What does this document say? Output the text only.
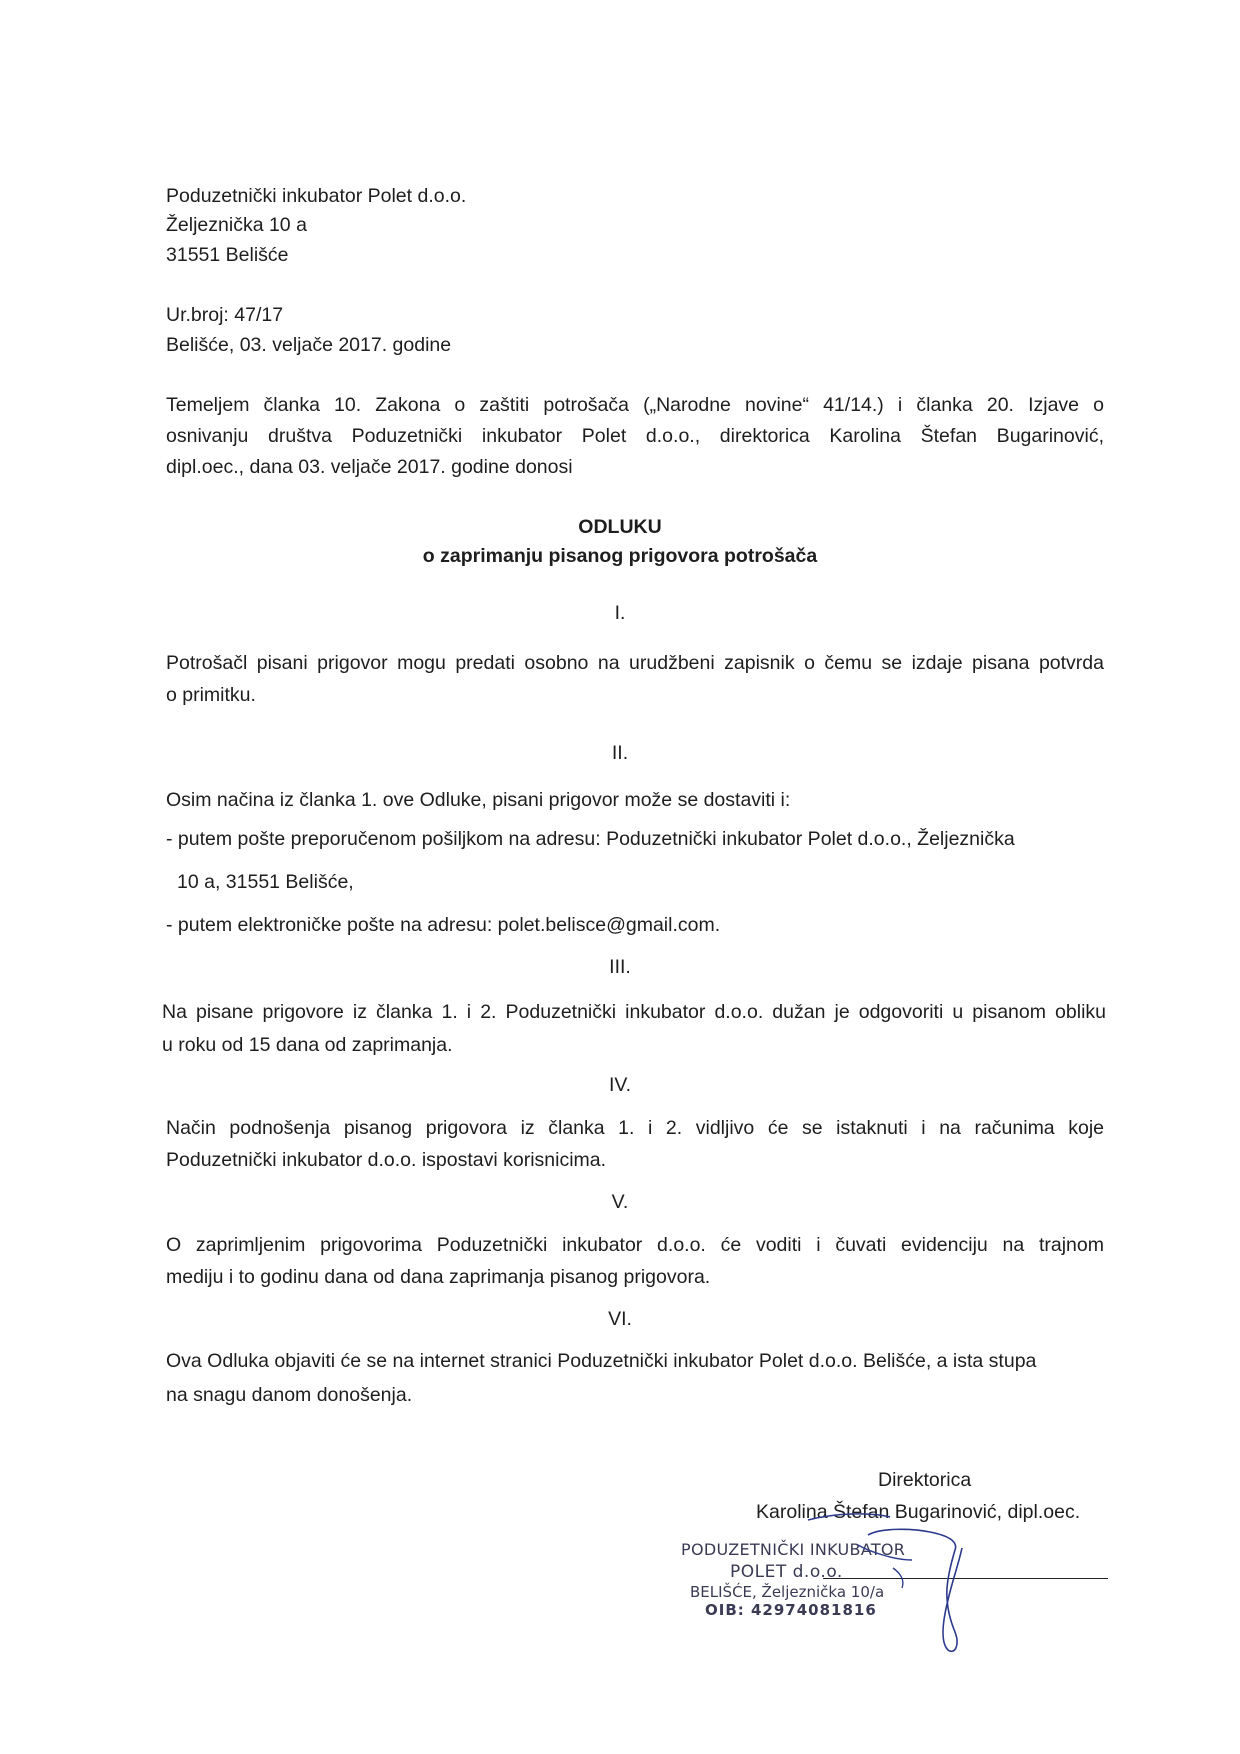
Poduzetnički inkubator Polet d.o.o.
Željeznička 10 a
31551 Belišće
Ur.broj: 47/17
Belišće, 03. veljače 2017. godine
Temeljem članka 10. Zakona o zaštiti potrošača („Narodne novine“ 41/14.) i članka 20. Izjave o
osnivanju društva Poduzetnički inkubator Polet d.o.o., direktorica Karolina Štefan Bugarinović,
dipl.oec., dana 03. veljače 2017. godine donosi
ODLUKU
o zaprimanju pisanog prigovora potrošača
I.
Potrošačl pisani prigovor mogu predati osobno na urudžbeni zapisnik o čemu se izdaje pisana potvrda
o primitku.
II.
Osim načina iz članka 1. ove Odluke, pisani prigovor može se dostaviti i:
- putem pošte preporučenom pošiljkom na adresu: Poduzetnički inkubator Polet d.o.o., Željeznička
10 a, 31551 Belišće,
- putem elektroničke pošte na adresu: polet.belisce@gmail.com.
III.
Na pisane prigovore iz članka 1. i 2. Poduzetnički inkubator d.o.o. dužan je odgovoriti u pisanom obliku
u roku od 15 dana od zaprimanja.
IV.
Način podnošenja pisanog prigovora iz članka 1. i 2. vidljivo će se istaknuti i na računima koje
Poduzetnički inkubator d.o.o. ispostavi korisnicima.
V.
O zaprimljenim prigovorima Poduzetnički inkubator d.o.o. će voditi i čuvati evidenciju na trajnom
mediju i to godinu dana od dana zaprimanja pisanog prigovora.
VI.
Ova Odluka objaviti će se na internet stranici Poduzetnički inkubator Polet d.o.o. Belišće, a ista stupa
na snagu danom donošenja.
Direktorica
Karolina Štefan Bugarinović, dipl.oec.
PODUZETNIČKI INKUBATOR
POLET d.o.o.
BELIŠĆE, Željeznička 10/a
OIB: 42974081816
